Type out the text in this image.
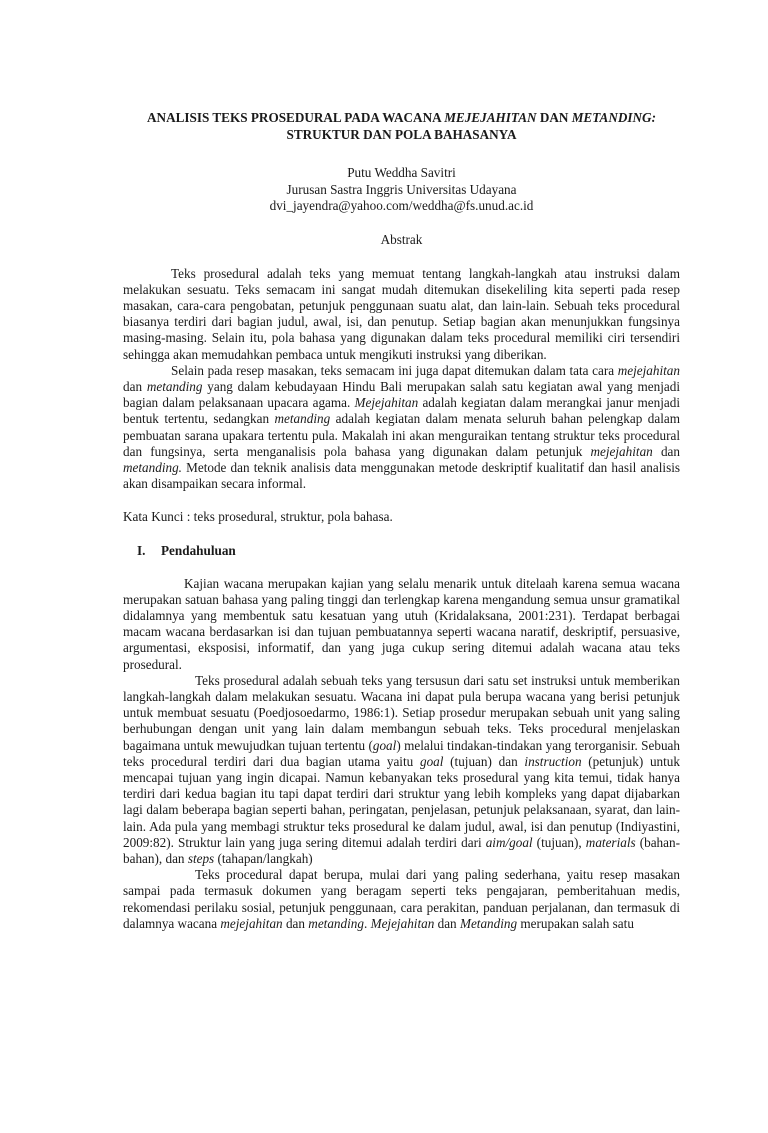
ANALISIS TEKS PROSEDURAL PADA WACANA MEJEJAHITAN DAN METANDING:
STRUKTUR DAN POLA BAHASANYA
Putu Weddha Savitri
Jurusan Sastra Inggris Universitas Udayana
dvi_jayendra@yahoo.com/weddha@fs.unud.ac.id
Abstrak

Teks prosedural adalah teks yang memuat tentang langkah-langkah atau instruksi dalam melakukan sesuatu. Teks semacam ini sangat mudah ditemukan disekeliling kita seperti pada resep masakan, cara-cara pengobatan, petunjuk penggunaan suatu alat, dan lain-lain. Sebuah teks procedural biasanya terdiri dari bagian judul, awal, isi, dan penutup. Setiap bagian akan menunjukkan fungsinya masing-masing. Selain itu, pola bahasa yang digunakan dalam teks procedural memiliki ciri tersendiri sehingga akan memudahkan pembaca untuk mengikuti instruksi yang diberikan.

Selain pada resep masakan, teks semacam ini juga dapat ditemukan dalam tata cara mejejahitan dan metanding yang dalam kebudayaan Hindu Bali merupakan salah satu kegiatan awal yang menjadi bagian dalam pelaksanaan upacara agama. Mejejahitan adalah kegiatan dalam merangkai janur menjadi bentuk tertentu, sedangkan metanding adalah kegiatan dalam menata seluruh bahan pelengkap dalam pembuatan sarana upakara tertentu pula. Makalah ini akan menguraikan tentang struktur teks procedural dan fungsinya, serta menganalisis pola bahasa yang digunakan dalam petunjuk mejejahitan dan metanding. Metode dan teknik analisis data menggunakan metode deskriptif kualitatif dan hasil analisis akan disampaikan secara informal.

Kata Kunci : teks prosedural, struktur, pola bahasa.

I. Pendahuluan

Kajian wacana merupakan kajian yang selalu menarik untuk ditelaah karena semua wacana merupakan satuan bahasa yang paling tinggi dan terlengkap karena mengandung semua unsur gramatikal didalamnya yang membentuk satu kesatuan yang utuh (Kridalaksana, 2001:231). Terdapat berbagai macam wacana berdasarkan isi dan tujuan pembuatannya seperti wacana naratif, deskriptif, persuasive, argumentasi, eksposisi, informatif, dan yang juga cukup sering ditemui adalah wacana atau teks prosedural.

Teks prosedural adalah sebuah teks yang tersusun dari satu set instruksi untuk memberikan langkah-langkah dalam melakukan sesuatu. Wacana ini dapat pula berupa wacana yang berisi petunjuk untuk membuat sesuatu (Poedjosoedarmo, 1986:1). Setiap prosedur merupakan sebuah unit yang saling berhubungan dengan unit yang lain dalam membangun sebuah teks. Teks procedural menjelaskan bagaimana untuk mewujudkan tujuan tertentu (goal) melalui tindakan-tindakan yang terorganisir. Sebuah teks procedural terdiri dari dua bagian utama yaitu goal (tujuan) dan instruction (petunjuk) untuk mencapai tujuan yang ingin dicapai. Namun kebanyakan teks prosedural yang kita temui, tidak hanya terdiri dari kedua bagian itu tapi dapat terdiri dari struktur yang lebih kompleks yang dapat dijabarkan lagi dalam beberapa bagian seperti bahan, peringatan, penjelasan, petunjuk pelaksanaan, syarat, dan lain-lain. Ada pula yang membagi struktur teks prosedural ke dalam judul, awal, isi dan penutup (Indiyastini, 2009:82). Struktur lain yang juga sering ditemui adalah terdiri dari aim/goal (tujuan), materials (bahan-bahan), dan steps (tahapan/langkah)

Teks procedural dapat berupa, mulai dari yang paling sederhana, yaitu resep masakan sampai pada termasuk dokumen yang beragam seperti teks pengajaran, pemberitahuan medis, rekomendasi perilaku sosial, petunjuk penggunaan, cara perakitan, panduan perjalanan, dan termasuk di dalamnya wacana mejejahitan dan metanding. Mejejahitan dan Metanding merupakan salah satu
